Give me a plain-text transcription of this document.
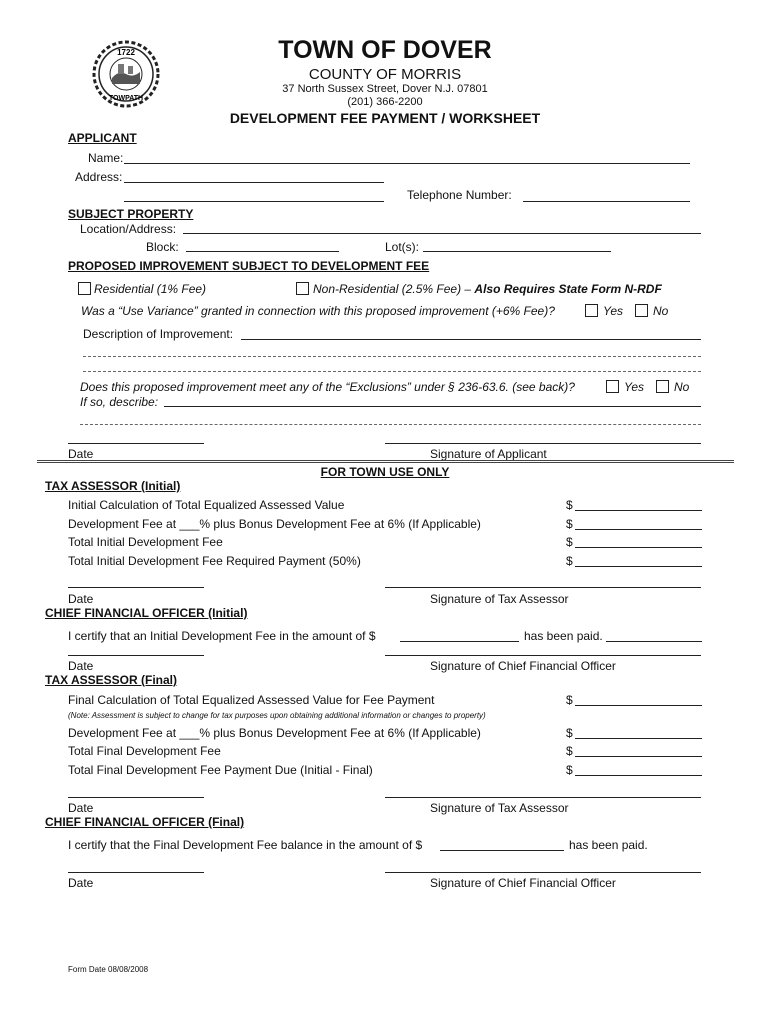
1722
TOWPATH
TOWN OF DOVER
COUNTY OF MORRIS
37 North Sussex Street, Dover N.J. 07801
(201) 366-2200
DEVELOPMENT FEE PAYMENT / WORKSHEET
APPLICANT
Name:
Address:
Telephone Number:
SUBJECT PROPERTY
Location/Address:
Block:	Lot(s):
PROPOSED IMPROVEMENT SUBJECT TO DEVELOPMENT FEE
Residential (1% Fee)	Non-Residential (2.5% Fee) – Also Requires State Form N-RDF
Was a “Use Variance” granted in connection with this proposed improvement (+6% Fee)?	Yes No
Description of Improvement:
Does this proposed improvement meet any of the “Exclusions” under § 236-63.6. (see back)?	Yes No
If so, describe:
Date	Signature of Applicant
FOR TOWN USE ONLY
TAX ASSESSOR (Initial)
Initial Calculation of Total Equalized Assessed Value	$
Development Fee at ___% plus Bonus Development Fee at 6% (If Applicable)	$
Total Initial Development Fee	$
Total Initial Development Fee Required Payment (50%)	$
Date	Signature of Tax Assessor
CHIEF FINANCIAL OFFICER (Initial)
I certify that an Initial Development Fee in the amount of $	has been paid.
Date	Signature of Chief Financial Officer
TAX ASSESSOR (Final)
Final Calculation of Total Equalized Assessed Value for Fee Payment	$
(Note: Assessment is subject to change for tax purposes upon obtaining additional information or changes to property)
Development Fee at ___% plus Bonus Development Fee at 6% (If Applicable)	$
Total Final Development Fee	$
Total Final Development Fee Payment Due (Initial - Final)	$
Date	Signature of Tax Assessor
CHIEF FINANCIAL OFFICER (Final)
I certify that the Final Development Fee balance in the amount of $	has been paid.
Date	Signature of Chief Financial Officer
Form Date 08/08/2008
